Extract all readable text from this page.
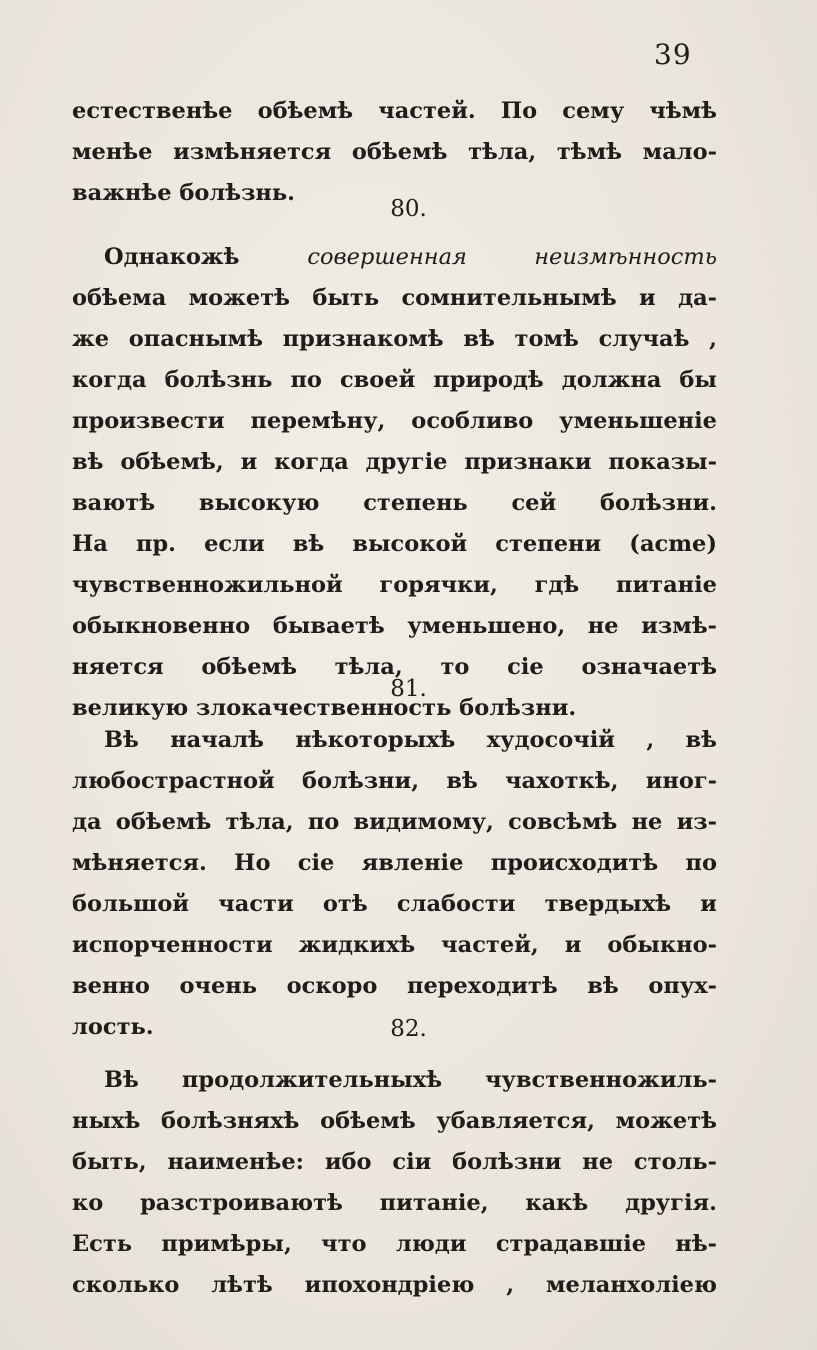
39
естественѣе обѣемѣ частей. По сему чѣмѣ
менѣе измѣняется обѣемѣ тѣла, тѣмѣ мало-
важнѣе болѣзнь.
80.
Однакожѣ совершенная неизмѣнность
обѣема можетѣ быть сомнительнымѣ и да-
же опаснымѣ признакомѣ вѣ томѣ случаѣ ,
когда болѣзнь по своей природѣ должна бы
произвести перемѣну, особливо уменьшеніе
вѣ обѣемѣ, и когда другіе признаки показы-
ваютѣ высокую степень сей болѣзни.
На пр. если вѣ высокой степени (acme)
чувственножильной горячки, гдѣ питаніе
обыкновенно бываетѣ уменьшено, не измѣ-
няется обѣемѣ тѣла, то сіе означаетѣ
великую злокачественность болѣзни.
81.
Вѣ началѣ нѣкоторыхѣ худосочій , вѣ
любострастной болѣзни, вѣ чахоткѣ, иног-
да обѣемѣ тѣла, по видимому, совсѣмѣ не из-
мѣняется. Но сіе явленіе происходитѣ по
большой части отѣ слабости твердыхѣ и
испорченности жидкихѣ частей, и обыкно-
венно очень оскоро переходитѣ вѣ опух-
лость.	82.
Вѣ продолжительныхѣ чувственножиль-
ныхѣ болѣзняхѣ обѣемѣ убавляется, можетѣ
быть, наименѣе: ибо сіи болѣзни не столь-
ко разстроиваютѣ питаніе, какѣ другія.
Есть примѣры, что люди страдавшіе нѣ-
сколько лѣтѣ ипохондріею , меланхоліею
